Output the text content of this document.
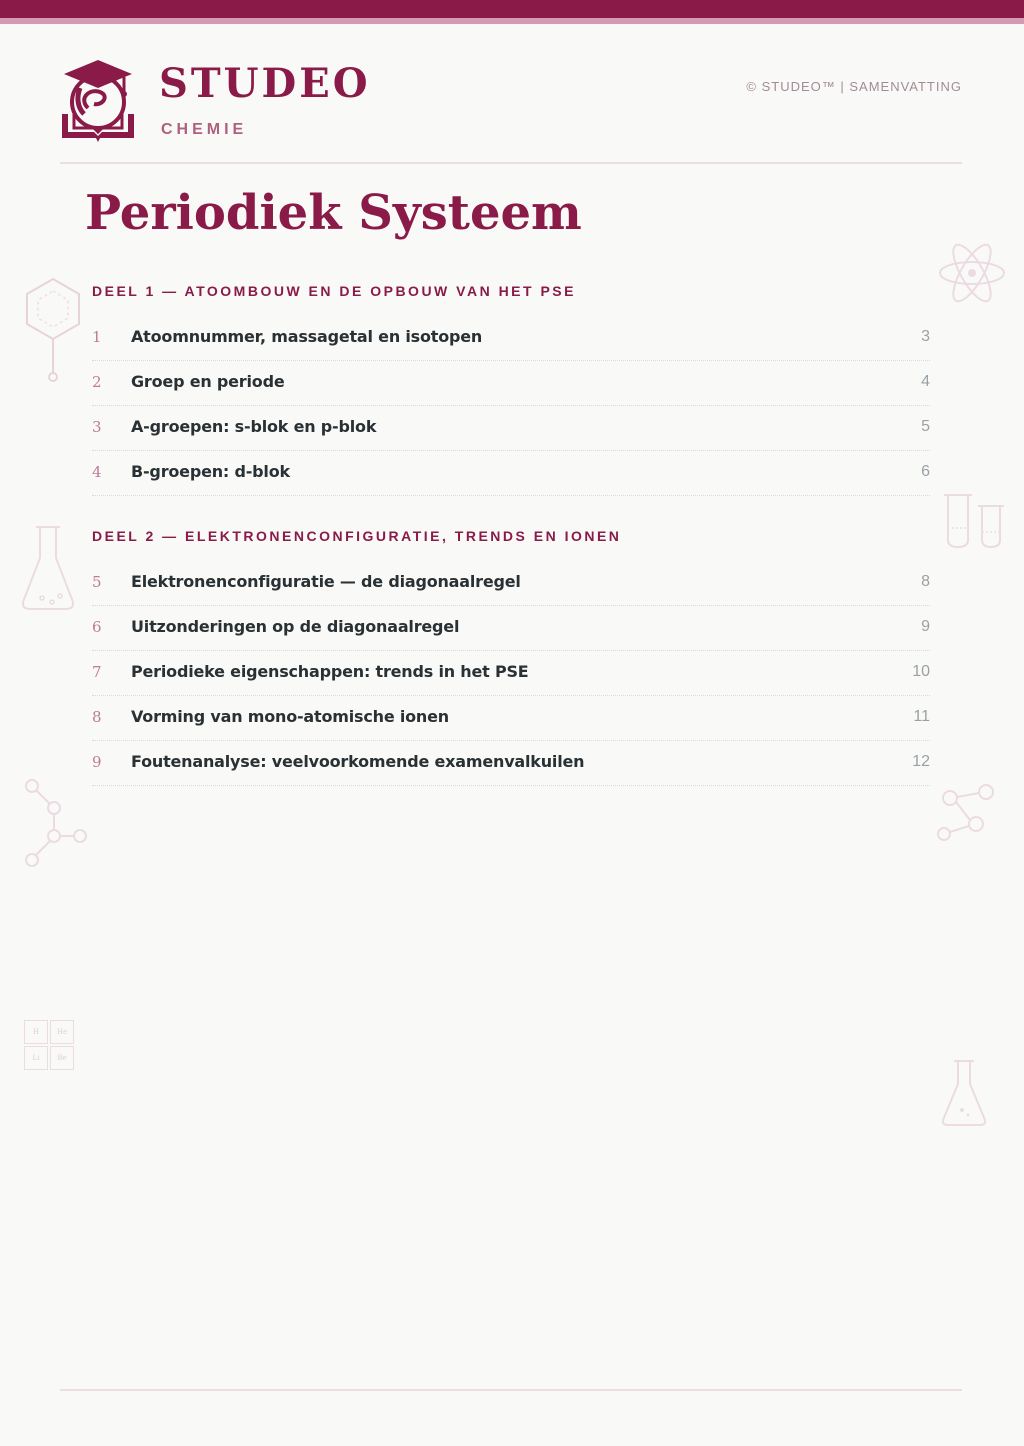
STUDEO
CHEMIE
© STUDEO™ | SAMENVATTING
Periodiek Systeem
DEEL 1 — ATOOMBOUW EN DE OPBOUW VAN HET PSE
1 Atoomnummer, massagetal en isotopen	3
2 Groep en periode	4
3 A-groepen: s-blok en p-blok	5
4 B-groepen: d-blok	6
DEEL 2 — ELEKTRONENCONFIGURATIE, TRENDS EN IONEN
5 Elektronenconfiguratie — de diagonaalregel	8
6 Uitzonderingen op de diagonaalregel	9
7 Periodieke eigenschappen: trends in het PSE	10
8 Vorming van mono-atomische ionen	11
9 Foutenanalyse: veelvoorkomende examenvalkuilen	12
H	He
Li	Be
